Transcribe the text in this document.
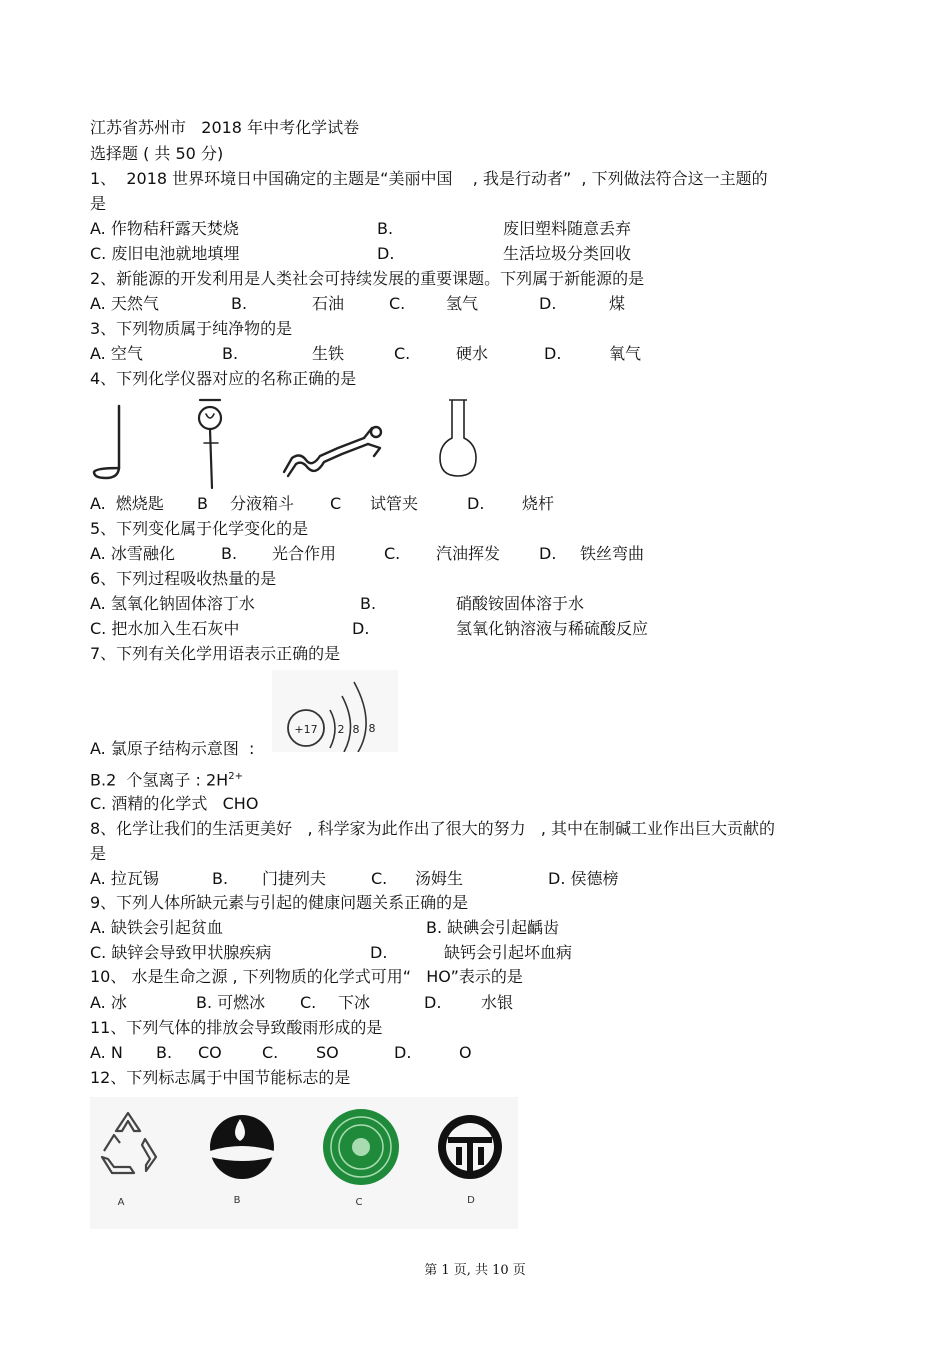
江苏省苏州市   2018 年中考化学试卷
选择题 ( 共 50 分)
1、  2018 世界环境日中国确定的主题是“美丽中国    , 我是行动者”  , 下列做法符合这一主题的
是
A. 作物秸秆露天焚烧	B.	废旧塑料随意丢弃
C. 废旧电池就地填埋	D.	生活垃圾分类回收
2、新能源的开发利用是人类社会可持续发展的重要课题。下列属于新能源的是
A. 天然气	B.	石油	C.	氢气	D.	煤
3、下列物质属于纯净物的是
A. 空气	B.	生铁	C.	硬水	D.	氧气
4、下列化学仪器对应的名称正确的是
A.  燃烧匙 B 分液箱斗 C 试管夹	D. 烧杆
5、下列变化属于化学变化的是
A. 冰雪融化	B. 光合作用	C. 汽油挥发 D. 铁丝弯曲
6、下列过程吸收热量的是
A. 氢氧化钠固体溶丁水	B.	硝酸铵固体溶于水
C. 把水加入生石灰中	D.	氢氧化钠溶液与稀硫酸反应
7、下列有关化学用语表示正确的是
+17 2 8 8
A. 氯原子结构示意图  :
B.2  个氢离子 : $2H^{2+}$
C. 酒精的化学式   CHO
8、化学让我们的生活更美好   , 科学家为此作出了很大的努力   , 其中在制碱工业作出巨大贡献的
是
A. 拉瓦锡	B. 门捷列夫	C. 汤姆生	D. 侯德榜
9、下列人体所缺元素与引起的健康问题关系正确的是
A. 缺铁会引起贫血	B. 缺碘会引起齲齿
C. 缺锌会导致甲状腺疾病	D.	缺钙会引起坏血病
10、 水是生命之源 , 下列物质的化学式可用“   HO”表示的是
A. 冰	B. 可燃冰 C. 下冰	D. 水银
11、下列气体的排放会导致酸雨形成的是
A. N B. CO	C. SO	D.	O
12、下列标志属于中国节能标志的是
A	B	C	D
第 1 页, 共 10 页
